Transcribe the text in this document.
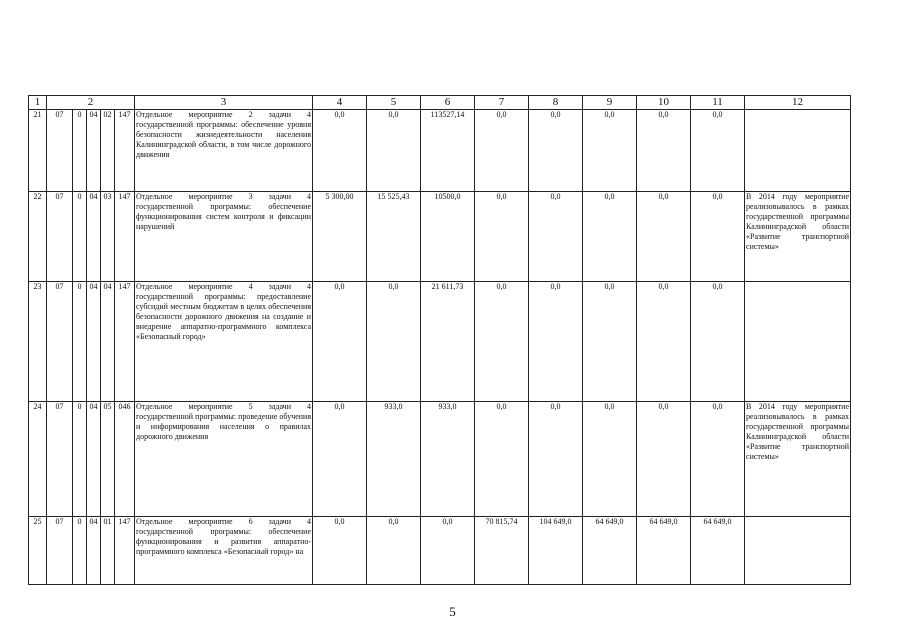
1	2					3	4	5	6	7	8	9	10	11	12
21	07	0	04	02	147	Отдельное мероприятие 2 задачи 4 государственной программы: обеспечение уровня безопасности жизнедеятельности населения Калининградской области, в том числе дорожного движения	0,0	0,0	113527,14	0,0	0,0	0,0	0,0	0,0	
22	07	0	04	03	147	Отдельное мероприятие 3 задачи 4 государственной программы: обеспечение функционирования систем контроля и фиксации нарушений	5 300,00	15 525,43	10500,0	0,0	0,0	0,0	0,0	0,0	В 2014 году мероприятие реализовывалось в рамках государственной программы Калининградской области «Развитие транспортной системы»
23	07	0	04	04	147	Отдельное мероприятие 4 задачи 4 государственной программы: предоставление субсидий местным бюджетам в целях обеспечения безопасности дорожного движения на создание и внедрение аппаратно-программного комплекса «Безопасный город»	0,0	0,0	21 611,73	0,0	0,0	0,0	0,0	0,0	
24	07	0	04	05	046	Отдельное мероприятие 5 задачи 4 государственной программы: проведение обучения и информирования населения о правилах дорожного движения	0,0	933,0	933,0	0,0	0,0	0,0	0,0	0,0	В 2014 году мероприятие реализовывалось в рамках государственной программы Калининградской области «Развитие транспортной системы»
25	07	0	04	01	147	Отдельное мероприятие 6 задачи 4 государственной программы: обеспечение функционирования и развития аппаратно-программного комплекса «Безопасный город» на	0,0	0,0	0,0	70 815,74	104 649,0	64 649,0	64 649,0	64 649,0	
5
